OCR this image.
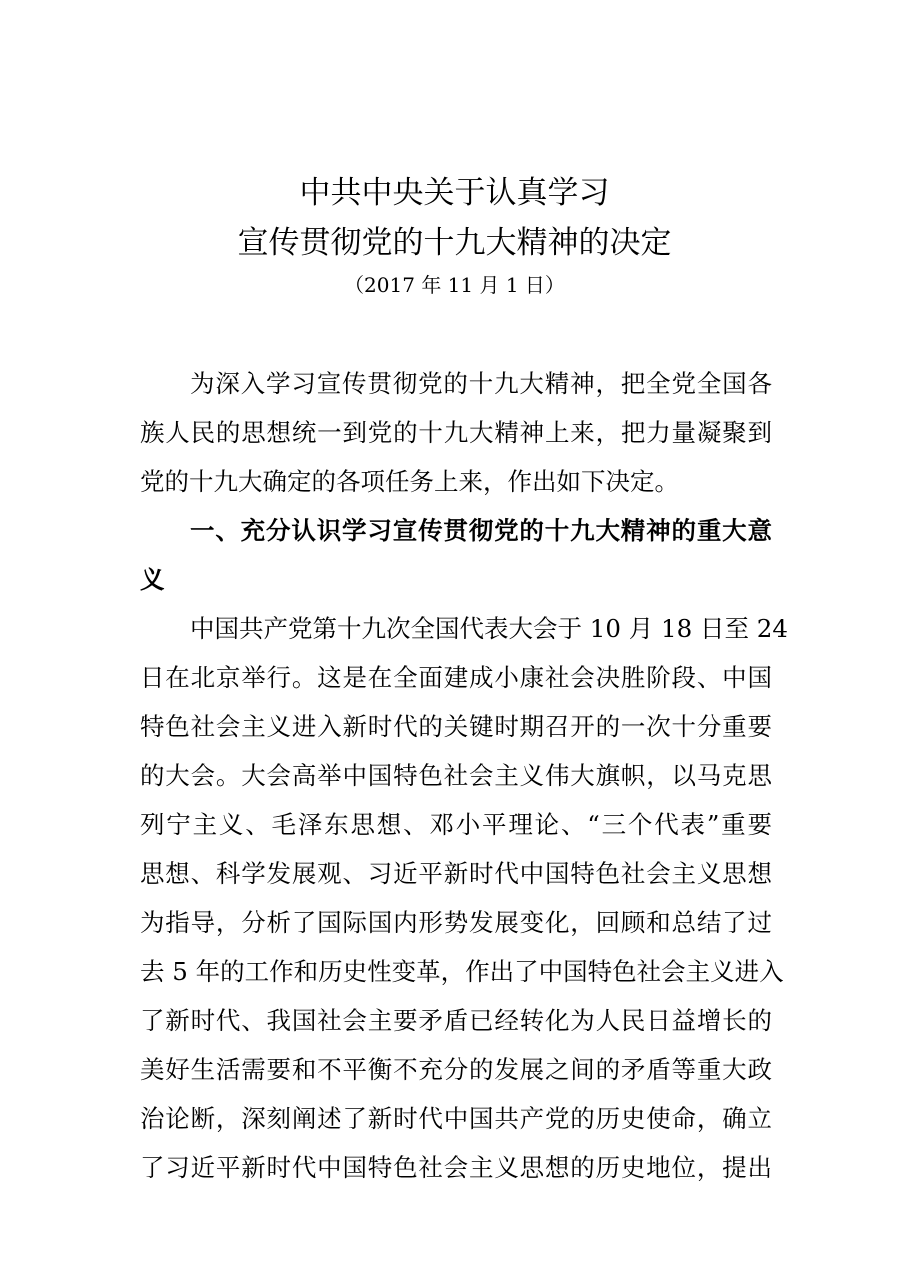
中共中央关于认真学习
宣传贯彻党的十九大精神的决定
（2017 年 11 月 1 日）
为深入学习宣传贯彻党的十九大精神，把全党全国各
族人民的思想统一到党的十九大精神上来，把力量凝聚到
党的十九大确定的各项任务上来，作出如下决定。
一、充分认识学习宣传贯彻党的十九大精神的重大意
义
中国共产党第十九次全国代表大会于 10 月 18 日至 24
日在北京举行。这是在全面建成小康社会决胜阶段、中国
特色社会主义进入新时代的关键时期召开的一次十分重要
的大会。大会高举中国特色社会主义伟大旗帜，以马克思
列宁主义、毛泽东思想、邓小平理论、“三个代表”重要
思想、科学发展观、习近平新时代中国特色社会主义思想
为指导，分析了国际国内形势发展变化，回顾和总结了过
去 5 年的工作和历史性变革，作出了中国特色社会主义进入
了新时代、我国社会主要矛盾已经转化为人民日益增长的
美好生活需要和不平衡不充分的发展之间的矛盾等重大政
治论断，深刻阐述了新时代中国共产党的历史使命，确立
了习近平新时代中国特色社会主义思想的历史地位，提出
